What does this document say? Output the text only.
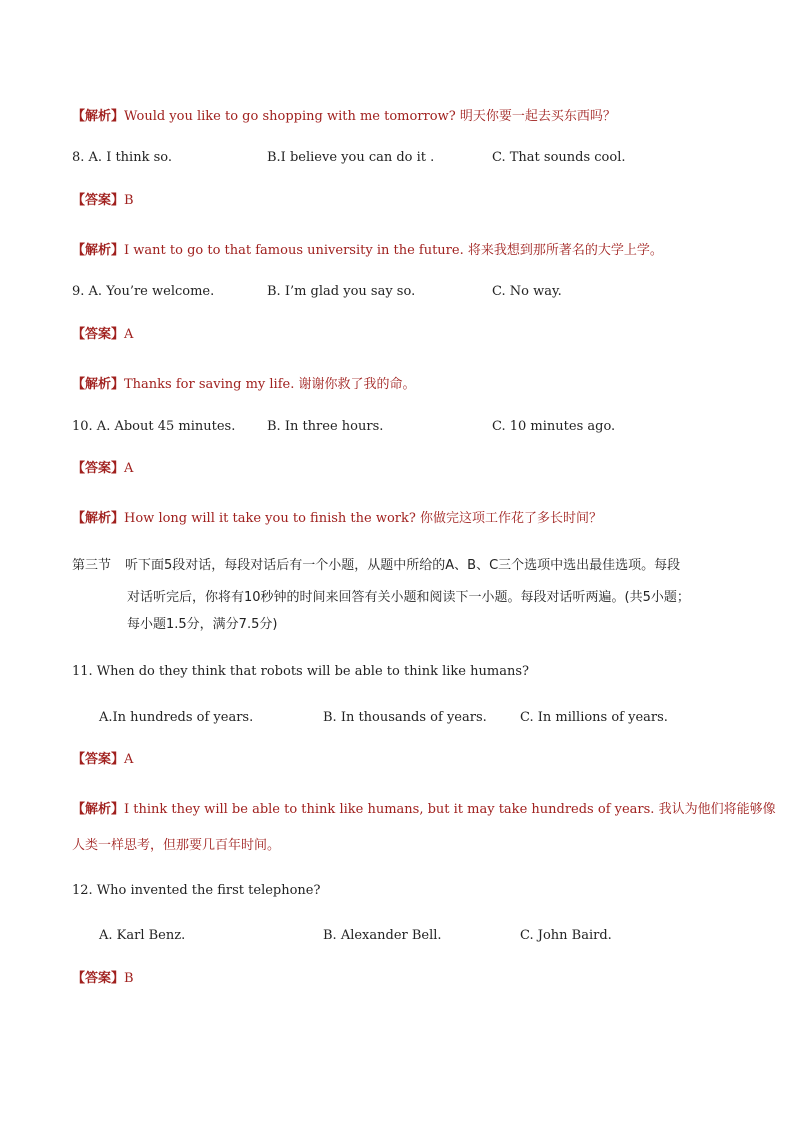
【解析】Would you like to go shopping with me tomorrow? 明天你要一起去买东西吗？
8. A. I think so.	B.I believe you can do it .	C. That sounds cool.
【答案】B
【解析】I want to go to that famous university in the future. 将来我想到那所著名的大学上学。
9. A. You’re welcome.	B. I’m glad you say so.	C. No way.
【答案】A
【解析】Thanks for saving my life. 谢谢你救了我的命。
10. A. About 45 minutes. B. In three hours.	C. 10 minutes ago.
【答案】A
【解析】How long will it take you to finish the work? 你做完这项工作花了多长时间？
第三节 听下面5段对话，每段对话后有一个小题，从题中所给的A、B、C三个选项中选出最佳选项。每段
对话听完后，你将有10秒钟的时间来回答有关小题和阅读下一小题。每段对话听两遍。(共5小题；
每小题1.5分，满分7.5分)
11. When do they think that robots will be able to think like humans?
A.In hundreds of years.	B. In thousands of years.	C. In millions of years.
【答案】A
【解析】I think they will be able to think like humans, but it may take hundreds of years. 我认为他们将能够像
人类一样思考，但那要几百年时间。
12. Who invented the first telephone?
A. Karl Benz.	B. Alexander Bell.	C. John Baird.
【答案】B
